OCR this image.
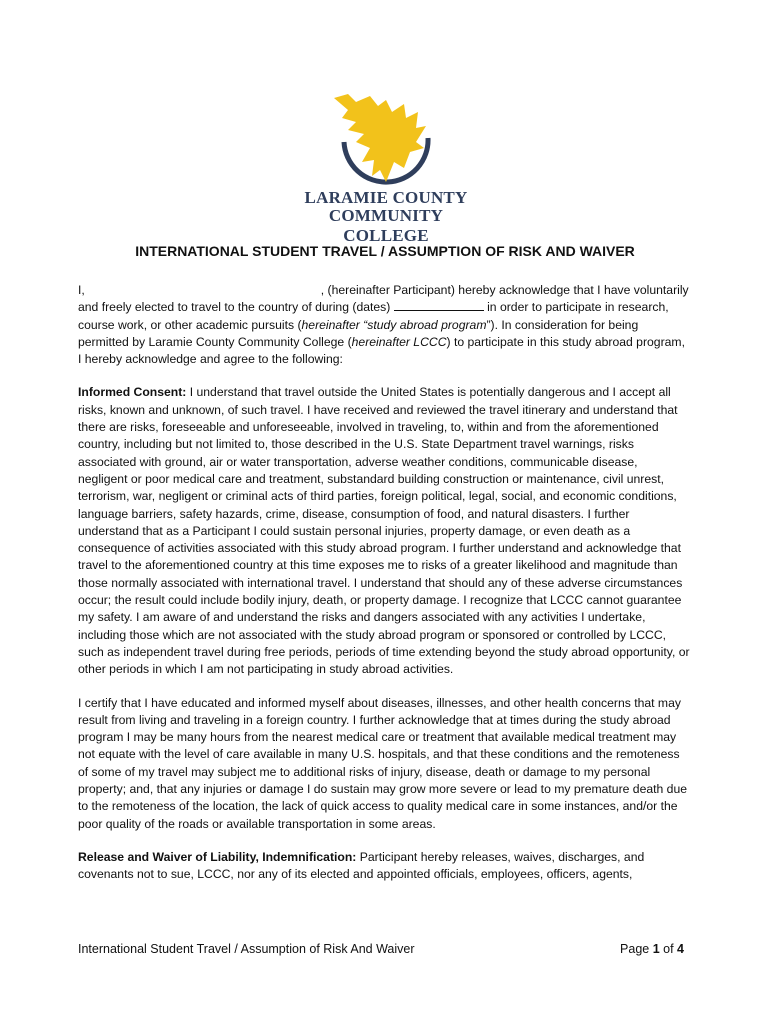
LARAMIE COUNTY
COMMUNITY COLLEGE
INTERNATIONAL STUDENT TRAVEL / ASSUMPTION OF RISK AND WAIVER

I,	, (hereinafter Participant) hereby acknowledge that I have voluntarily and freely elected to travel to the country of during (dates)	in order to participate in research, course work, or other academic pursuits (hereinafter “study abroad program”). In consideration for being permitted by Laramie County Community College (hereinafter LCCC) to participate in this study abroad program, I hereby acknowledge and agree to the following:

Informed Consent: I understand that travel outside the United States is potentially dangerous and I accept all risks, known and unknown, of such travel. I have received and reviewed the travel itinerary and understand that there are risks, foreseeable and unforeseeable, involved in traveling, to, within and from the aforementioned country, including but not limited to, those described in the U.S. State Department travel warnings, risks associated with ground, air or water transportation, adverse weather conditions, communicable disease, negligent or poor medical care and treatment, substandard building construction or maintenance, civil unrest, terrorism, war, negligent or criminal acts of third parties, foreign political, legal, social, and economic conditions, language barriers, safety hazards, crime, disease, consumption of food, and natural disasters. I further understand that as a Participant I could sustain personal injuries, property damage, or even death as a consequence of activities associated with this study abroad program. I further understand and acknowledge that travel to the aforementioned country at this time exposes me to risks of a greater likelihood and magnitude than those normally associated with international travel. I understand that should any of these adverse circumstances occur; the result could include bodily injury, death, or property damage. I recognize that LCCC cannot guarantee my safety. I am aware of and understand the risks and dangers associated with any activities I undertake, including those which are not associated with the study abroad program or sponsored or controlled by LCCC, such as independent travel during free periods, periods of time extending beyond the study abroad opportunity, or other periods in which I am not participating in study abroad activities.

I certify that I have educated and informed myself about diseases, illnesses, and other health concerns that may result from living and traveling in a foreign country. I further acknowledge that at times during the study abroad program I may be many hours from the nearest medical care or treatment that available medical treatment may not equate with the level of care available in many U.S. hospitals, and that these conditions and the remoteness of some of my travel may subject me to additional risks of injury, disease, death or damage to my personal property; and, that any injuries or damage I do sustain may grow more severe or lead to my premature death due to the remoteness of the location, the lack of quick access to quality medical care in some instances, and/or the poor quality of the roads or available transportation in some areas.

Release and Waiver of Liability, Indemnification: Participant hereby releases, waives, discharges, and covenants not to sue, LCCC, nor any of its elected and appointed officials, employees, officers, agents,

International Student Travel / Assumption of Risk And Waiver	Page 1 of 4
